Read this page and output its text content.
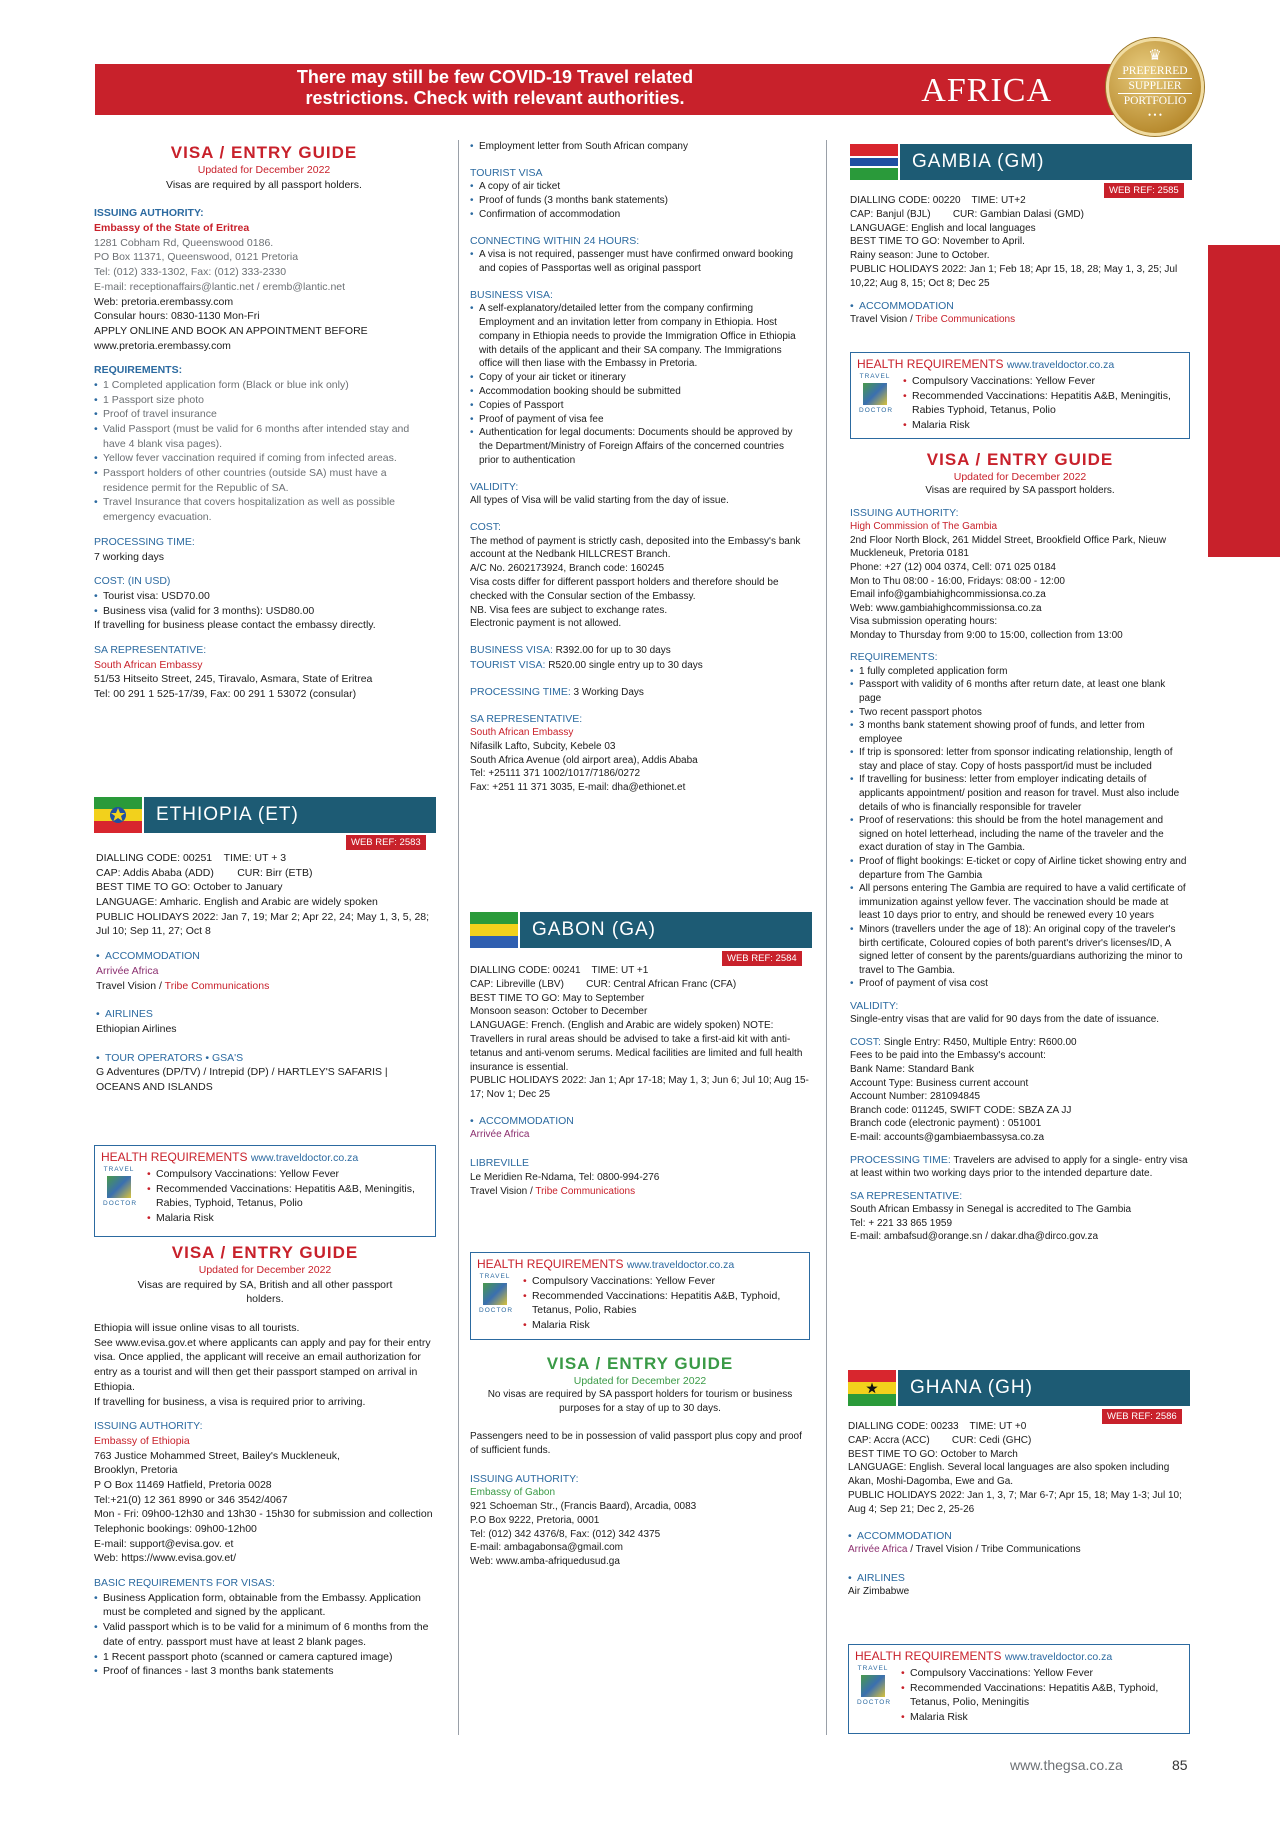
There may still be few COVID-19 Travel related
restrictions. Check with relevant authorities.	AFRICA
♛
PREFERRED
SUPPLIER
PORTFOLIO
• • •
AFRICA
VISA / ENTRY GUIDE
Updated for December 2022
Visas are required by all passport holders.
ISSUING AUTHORITY:
Embassy of the State of Eritrea
1281 Cobham Rd, Queenswood 0186.
PO Box 11371, Queenswood, 0121 Pretoria
Tel: (012) 333-1302, Fax: (012) 333-2330
E-mail: receptionaffairs@lantic.net / eremb@lantic.net
Web: pretoria.erembassy.com
Consular hours: 0830-1130 Mon-Fri
APPLY ONLINE AND BOOK AN APPOINTMENT BEFORE
www.pretoria.erembassy.com
REQUIREMENTS:
• 1 Completed application form (Black or blue ink only)
• 1 Passport size photo
• Proof of travel insurance
• Valid Passport (must be valid for 6 months after intended stay and have 4 blank visa pages).
• Yellow fever vaccination required if coming from infected areas.
• Passport holders of other countries (outside SA) must have a residence permit for the Republic of SA.
• Travel Insurance that covers hospitalization as well as possible emergency evacuation.
PROCESSING TIME:
7 working days
COST: (IN USD)
• Tourist visa: USD70.00
• Business visa (valid for 3 months): USD80.00
If travelling for business please contact the embassy directly.
SA REPRESENTATIVE:
South African Embassy
51/53 Hitseito Street, 245, Tiravalo, Asmara, State of Eritrea
Tel: 00 291 1 525-17/39, Fax: 00 291 1 53072 (consular)
ETHIOPIA (ET)
WEB REF: 2583
DIALLING CODE: 00251    TIME: UT + 3
CAP: Addis Ababa (ADD)        CUR: Birr (ETB)
BEST TIME TO GO: October to January
LANGUAGE: Amharic. English and Arabic are widely spoken
PUBLIC HOLIDAYS 2022: Jan 7, 19; Mar 2; Apr 22, 24; May 1, 3, 5, 28; Jul 10; Sep 11, 27; Oct 8
• ACCOMMODATION
Arrivée Africa
Travel Vision / Tribe Communications
• AIRLINES
Ethiopian Airlines
• TOUR OPERATORS • GSA'S
G Adventures (DP/TV) / Intrepid (DP) / HARTLEY'S SAFARIS | OCEANS AND ISLANDS
HEALTH REQUIREMENTS www.traveldoctor.co.za
TRAVEL
DOCTOR
• Compulsory Vaccinations: Yellow Fever
• Recommended Vaccinations: Hepatitis A&B, Meningitis, Rabies, Typhoid, Tetanus, Polio
• Malaria Risk
VISA / ENTRY GUIDE
Updated for December 2022
Visas are required by SA, British and all other passport holders.
Ethiopia will issue online visas to all tourists.
See www.evisa.gov.et where applicants can apply and pay for their entry visa. Once applied, the applicant will receive an email authorization for entry as a tourist and will then get their passport stamped on arrival in Ethiopia.
If travelling for business, a visa is required prior to arriving.
ISSUING AUTHORITY:
Embassy of Ethiopia
763 Justice Mohammed Street, Bailey's Muckleneuk,
Brooklyn, Pretoria
P O Box 11469 Hatfield, Pretoria 0028
Tel:+21(0) 12 361 8990 or 346 3542/4067
Mon - Fri: 09h00-12h30 and 13h30 - 15h30 for submission and collection
Telephonic bookings: 09h00-12h00
E-mail: support@evisa.gov. et
Web: https://www.evisa.gov.et/
BASIC REQUIREMENTS FOR VISAS:
• Business Application form, obtainable from the Embassy. Application must be completed and signed by the applicant.
• Valid passport which is to be valid for a minimum of 6 months from the date of entry. passport must have at least 2 blank pages.
• 1 Recent passport photo (scanned or camera captured image)
• Proof of finances - last 3 months bank statements
• Employment letter from South African company
TOURIST VISA
• A copy of air ticket
• Proof of funds (3 months bank statements)
• Confirmation of accommodation
CONNECTING WITHIN 24 HOURS:
• A visa is not required, passenger must have confirmed onward booking and copies of Passportas well as original passport
BUSINESS VISA:
• A self-explanatory/detailed letter from the company confirming Employment and an invitation letter from company in Ethiopia. Host company in Ethiopia needs to provide the Immigration Office in Ethiopia with details of the applicant and their SA company. The Immigrations office will then liase with the Embassy in Pretoria.
• Copy of your air ticket or itinerary
• Accommodation booking should be submitted
• Copies of Passport
• Proof of payment of visa fee
• Authentication for legal documents: Documents should be approved by the Department/Ministry of Foreign Affairs of the concerned countries prior to authentication
VALIDITY:
All types of Visa will be valid starting from the day of issue.
COST:
The method of payment is strictly cash, deposited into the Embassy's bank account at the Nedbank HILLCREST Branch.
A/C No. 2602173924, Branch code: 160245
Visa costs differ for different passport holders and therefore should be checked with the Consular section of the Embassy.
NB. Visa fees are subject to exchange rates.
Electronic payment is not allowed.
BUSINESS VISA: R392.00 for up to 30 days
TOURIST VISA: R520.00 single entry up to 30 days
PROCESSING TIME: 3 Working Days
SA REPRESENTATIVE:
South African Embassy
Nifasilk Lafto, Subcity, Kebele 03
South Africa Avenue (old airport area), Addis Ababa
Tel: +25111 371 1002/1017/7186/0272
Fax: +251 11 371 3035, E-mail: dha@ethionet.et
GABON (GA)
WEB REF: 2584
DIALLING CODE: 00241    TIME: UT +1
CAP: Libreville (LBV)        CUR: Central African Franc (CFA)
BEST TIME TO GO: May to September
Monsoon season: October to December
LANGUAGE: French. (English and Arabic are widely spoken) NOTE: Travellers in rural areas should be advised to take a first-aid kit with anti-tetanus and anti-venom serums. Medical facilities are limited and full health insurance is essential.
PUBLIC HOLIDAYS 2022: Jan 1; Apr 17-18; May 1, 3; Jun 6; Jul 10; Aug 15-17; Nov 1; Dec 25
• ACCOMMODATION
Arrivée Africa
LIBREVILLE
Le Meridien Re-Ndama, Tel: 0800-994-276
Travel Vision / Tribe Communications
HEALTH REQUIREMENTS www.traveldoctor.co.za
TRAVEL
DOCTOR
• Compulsory Vaccinations: Yellow Fever
• Recommended Vaccinations: Hepatitis A&B, Typhoid, Tetanus, Polio, Rabies
• Malaria Risk
VISA / ENTRY GUIDE
Updated for December 2022
No visas are required by SA passport holders for tourism or business purposes for a stay of up to 30 days.
Passengers need to be in possession of valid passport plus copy and proof of sufficient funds.
ISSUING AUTHORITY:
Embassy of Gabon
921 Schoeman Str., (Francis Baard), Arcadia, 0083
P.O Box 9222, Pretoria, 0001
Tel: (012) 342 4376/8, Fax: (012) 342 4375
E-mail: ambagabonsa@gmail.com
Web: www.amba-afriquedusud.ga
GAMBIA (GM)
WEB REF: 2585
DIALLING CODE: 00220    TIME: UT+2
CAP: Banjul (BJL)        CUR: Gambian Dalasi (GMD)
LANGUAGE: English and local languages
BEST TIME TO GO: November to April.
Rainy season: June to October.
PUBLIC HOLIDAYS 2022: Jan 1; Feb 18; Apr 15, 18, 28; May 1, 3, 25; Jul 10,22; Aug 8, 15; Oct 8; Dec 25
• ACCOMMODATION
Travel Vision / Tribe Communications
HEALTH REQUIREMENTS www.traveldoctor.co.za
TRAVEL
DOCTOR
• Compulsory Vaccinations: Yellow Fever
• Recommended Vaccinations: Hepatitis A&B, Meningitis, Rabies Typhoid, Tetanus, Polio
• Malaria Risk
VISA / ENTRY GUIDE
Updated for December 2022
Visas are required by SA passport holders.
ISSUING AUTHORITY:
High Commission of The Gambia
2nd Floor North Block, 261 Middel Street, Brookfield Office Park, Nieuw Muckleneuk, Pretoria 0181
Phone: +27 (12) 004 0374, Cell: 071 025 0184
Mon to Thu 08:00 - 16:00, Fridays: 08:00 - 12:00
Email info@gambiahighcommissionsa.co.za
Web: www.gambiahighcommissionsa.co.za
Visa submission operating hours:
Monday to Thursday from 9:00 to 15:00, collection from 13:00
REQUIREMENTS:
• 1 fully completed application form
• Passport with validity of 6 months after return date, at least one blank page
• Two recent passport photos
• 3 months bank statement showing proof of funds, and letter from employee
• If trip is sponsored: letter from sponsor indicating relationship, length of stay and place of stay. Copy of hosts passport/id must be included
• If travelling for business: letter from employer indicating details of applicants appointment/ position and reason for travel. Must also include details of who is financially responsible for traveler
• Proof of reservations: this should be from the hotel management and signed on hotel letterhead, including the name of the traveler and the exact duration of stay in The Gambia.
• Proof of flight bookings: E-ticket or copy of Airline ticket showing entry and departure from The Gambia
• All persons entering The Gambia are required to have a valid certificate of immunization against yellow fever. The vaccination should be made at least 10 days prior to entry, and should be renewed every 10 years
• Minors (travellers under the age of 18): An original copy of the traveler's birth certificate, Coloured copies of both parent's driver's licenses/ID, A signed letter of consent by the parents/guardians authorizing the minor to travel to The Gambia.
• Proof of payment of visa cost
VALIDITY:
Single-entry visas that are valid for 90 days from the date of issuance.
COST: Single Entry: R450, Multiple Entry: R600.00
Fees to be paid into the Embassy's account:
Bank Name: Standard Bank
Account Type: Business current account
Account Number: 281094845
Branch code: 011245, SWIFT CODE: SBZA ZA JJ
Branch code (electronic payment) : 051001
E-mail: accounts@gambiaembassysa.co.za
PROCESSING TIME: Travelers are advised to apply for a single- entry visa at least within two working days prior to the intended departure date.
SA REPRESENTATIVE:
South African Embassy in Senegal is accredited to The Gambia
Tel: + 221 33 865 1959
E-mail: ambafsud@orange.sn / dakar.dha@dirco.gov.za
GHANA (GH)
WEB REF: 2586
DIALLING CODE: 00233    TIME: UT +0
CAP: Accra (ACC)        CUR: Cedi (GHC)
BEST TIME TO GO: October to March
LANGUAGE: English. Several local languages are also spoken including Akan, Moshi-Dagomba, Ewe and Ga.
PUBLIC HOLIDAYS 2022: Jan 1, 3, 7; Mar 6-7; Apr 15, 18; May 1-3; Jul 10; Aug 4; Sep 21; Dec 2, 25-26
• ACCOMMODATION
Arrivée Africa / Travel Vision / Tribe Communications
• AIRLINES
Air Zimbabwe
HEALTH REQUIREMENTS www.traveldoctor.co.za
TRAVEL
DOCTOR
• Compulsory Vaccinations: Yellow Fever
• Recommended Vaccinations: Hepatitis A&B, Typhoid, Tetanus, Polio, Meningitis
• Malaria Risk
www.thegsa.co.za	85
